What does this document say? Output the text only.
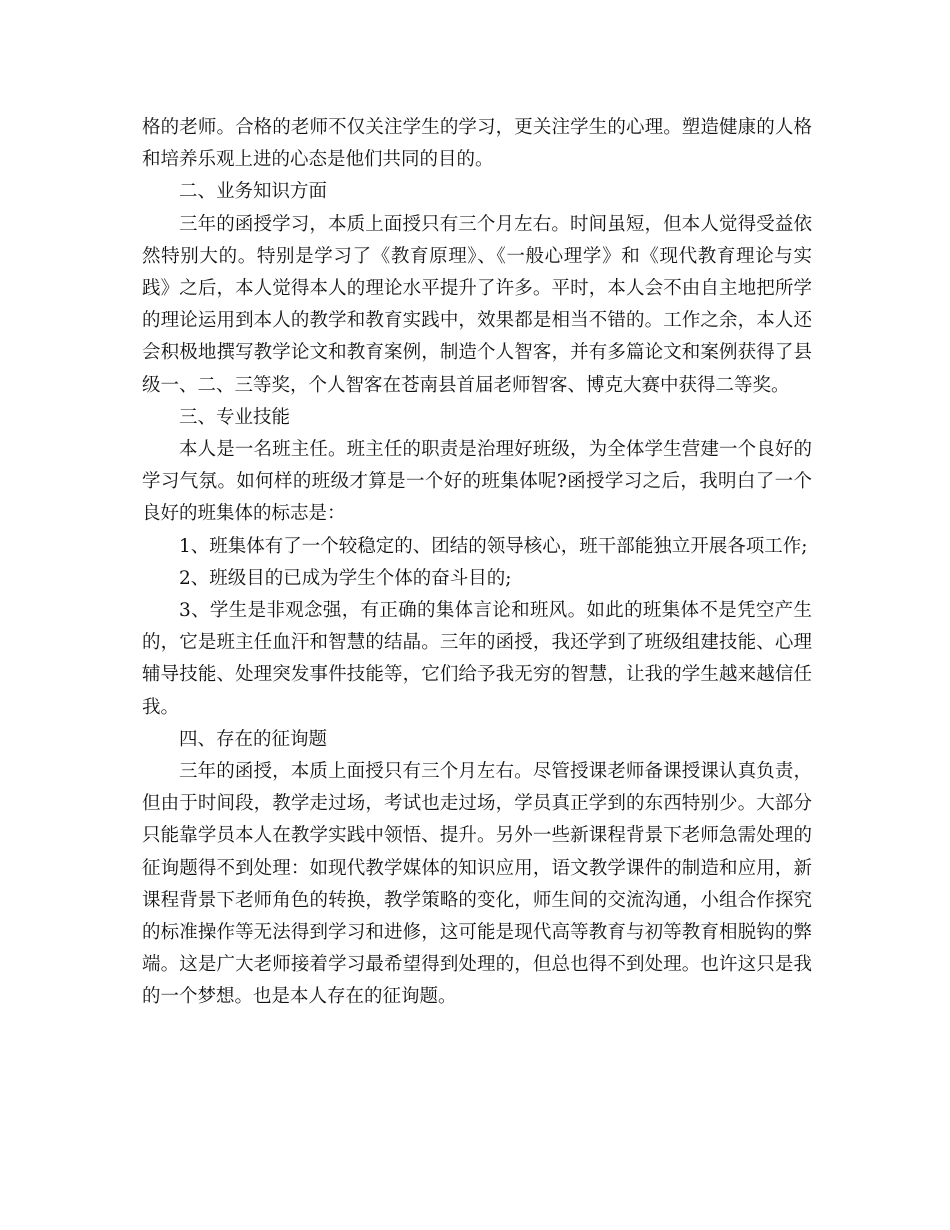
格的老师。合格的老师不仅关注学生的学习，更关注学生的心理。塑造健康的人格和培养乐观上进的心态是他们共同的目的。

二、业务知识方面

三年的函授学习，本质上面授只有三个月左右。时间虽短，但本人觉得受益依然特别大的。特别是学习了《教育原理》、《一般心理学》和《现代教育理论与实践》之后，本人觉得本人的理论水平提升了许多。平时，本人会不由自主地把所学的理论运用到本人的教学和教育实践中，效果都是相当不错的。工作之余，本人还会积极地撰写教学论文和教育案例，制造个人智客，并有多篇论文和案例获得了县级一、二、三等奖，个人智客在苍南县首届老师智客、博克大赛中获得二等奖。

三、专业技能

本人是一名班主任。班主任的职责是治理好班级，为全体学生营建一个良好的学习气氛。如何样的班级才算是一个好的班集体呢?函授学习之后，我明白了一个良好的班集体的标志是：

1、班集体有了一个较稳定的、团结的领导核心，班干部能独立开展各项工作;

2、班级目的已成为学生个体的奋斗目的;

3、学生是非观念强，有正确的集体言论和班风。如此的班集体不是凭空产生的，它是班主任血汗和智慧的结晶。三年的函授，我还学到了班级组建技能、心理辅导技能、处理突发事件技能等，它们给予我无穷的智慧，让我的学生越来越信任我。

四、存在的征询题

三年的函授，本质上面授只有三个月左右。尽管授课老师备课授课认真负责，但由于时间段，教学走过场，考试也走过场，学员真正学到的东西特别少。大部分只能靠学员本人在教学实践中领悟、提升。另外一些新课程背景下老师急需处理的征询题得不到处理：如现代教学媒体的知识应用，语文教学课件的制造和应用，新课程背景下老师角色的转换，教学策略的变化，师生间的交流沟通，小组合作探究的标准操作等无法得到学习和进修，这可能是现代高等教育与初等教育相脱钩的弊端。这是广大老师接着学习最希望得到处理的，但总也得不到处理。也许这只是我的一个梦想。也是本人存在的征询题。
